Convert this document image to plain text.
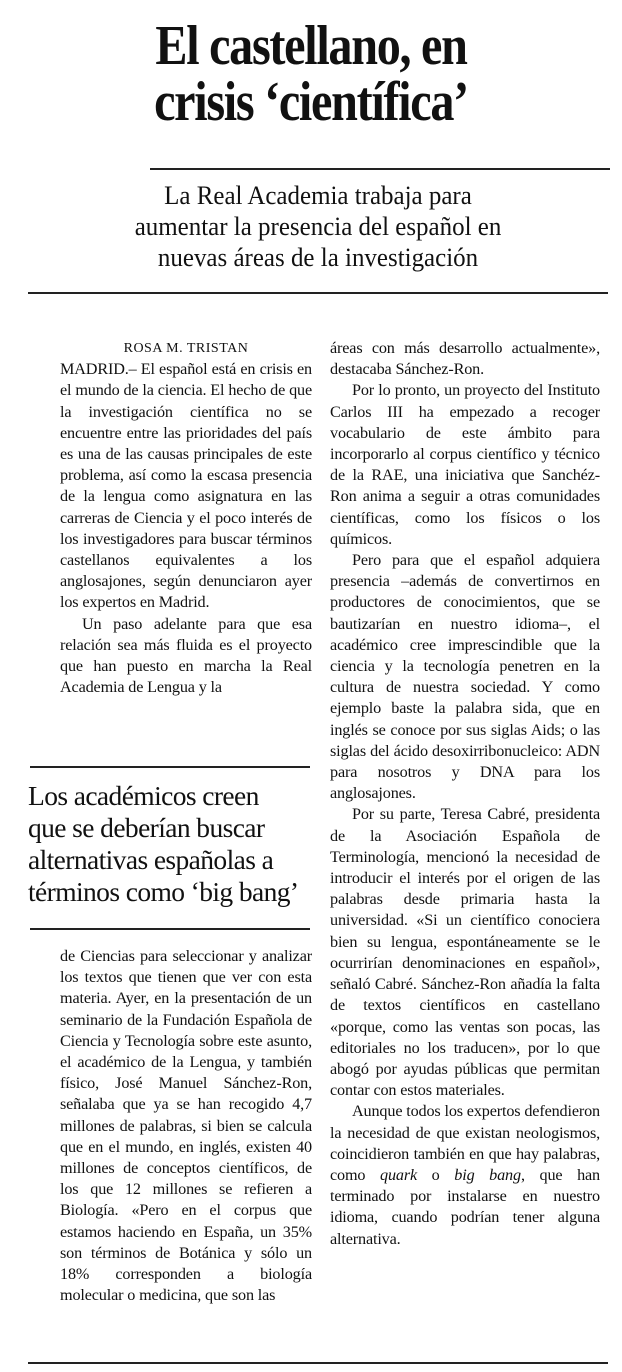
El castellano, en
crisis ‘científica’
La Real Academia trabaja para
aumentar la presencia del español en
nuevas áreas de la investigación

ROSA M. TRISTAN

MADRID.– El español está en crisis en el mundo de la ciencia. El hecho de que la investigación científica no se encuentre entre las prioridades del país es una de las causas principales de este problema, así como la escasa presencia de la lengua como asignatura en las carreras de Ciencia y el poco interés de los investigadores para buscar términos castellanos equivalentes a los anglosajones, según denunciaron ayer los expertos en Madrid.

Un paso adelante para que esa relación sea más fluida es el proyecto que han puesto en marcha la Real Academia de Lengua y la

Los académicos creen
que se deberían buscar
alternativas españolas a
términos como ‘big bang’

de Ciencias para seleccionar y analizar los textos que tienen que ver con esta materia. Ayer, en la presentación de un seminario de la Fundación Española de Ciencia y Tecnología sobre este asunto, el académico de la Lengua, y también físico, José Manuel Sánchez-Ron, señalaba que ya se han recogido 4,7 millones de palabras, si bien se calcula que en el mundo, en inglés, existen 40 millones de conceptos científicos, de los que 12 millones se refieren a Biología. «Pero en el corpus que estamos haciendo en España, un 35% son términos de Botánica y sólo un 18% corresponden a biología molecular o medicina, que son las

áreas con más desarrollo actualmente», destacaba Sánchez-Ron.

Por lo pronto, un proyecto del Instituto Carlos III ha empezado a recoger vocabulario de este ámbito para incorporarlo al corpus científico y técnico de la RAE, una iniciativa que Sanchéz-Ron anima a seguir a otras comunidades científicas, como los físicos o los químicos.

Pero para que el español adquiera presencia –además de convertirnos en productores de conocimientos, que se bautizarían en nuestro idioma–, el académico cree imprescindible que la ciencia y la tecnología penetren en la cultura de nuestra sociedad. Y como ejemplo baste la palabra sida, que en inglés se conoce por sus siglas Aids; o las siglas del ácido desoxirribonucleico: ADN para nosotros y DNA para los anglosajones.

Por su parte, Teresa Cabré, presidenta de la Asociación Española de Terminología, mencionó la necesidad de introducir el interés por el origen de las palabras desde primaria hasta la universidad. «Si un científico conociera bien su lengua, espontáneamente se le ocurrirían denominaciones en español», señaló Cabré. Sánchez-Ron añadía la falta de textos científicos en castellano «porque, como las ventas son pocas, las editoriales no los traducen», por lo que abogó por ayudas públicas que permitan contar con estos materiales.

Aunque todos los expertos defendieron la necesidad de que existan neologismos, coincidieron también en que hay palabras, como quark o big bang, que han terminado por instalarse en nuestro idioma, cuando podrían tener alguna alternativa.
